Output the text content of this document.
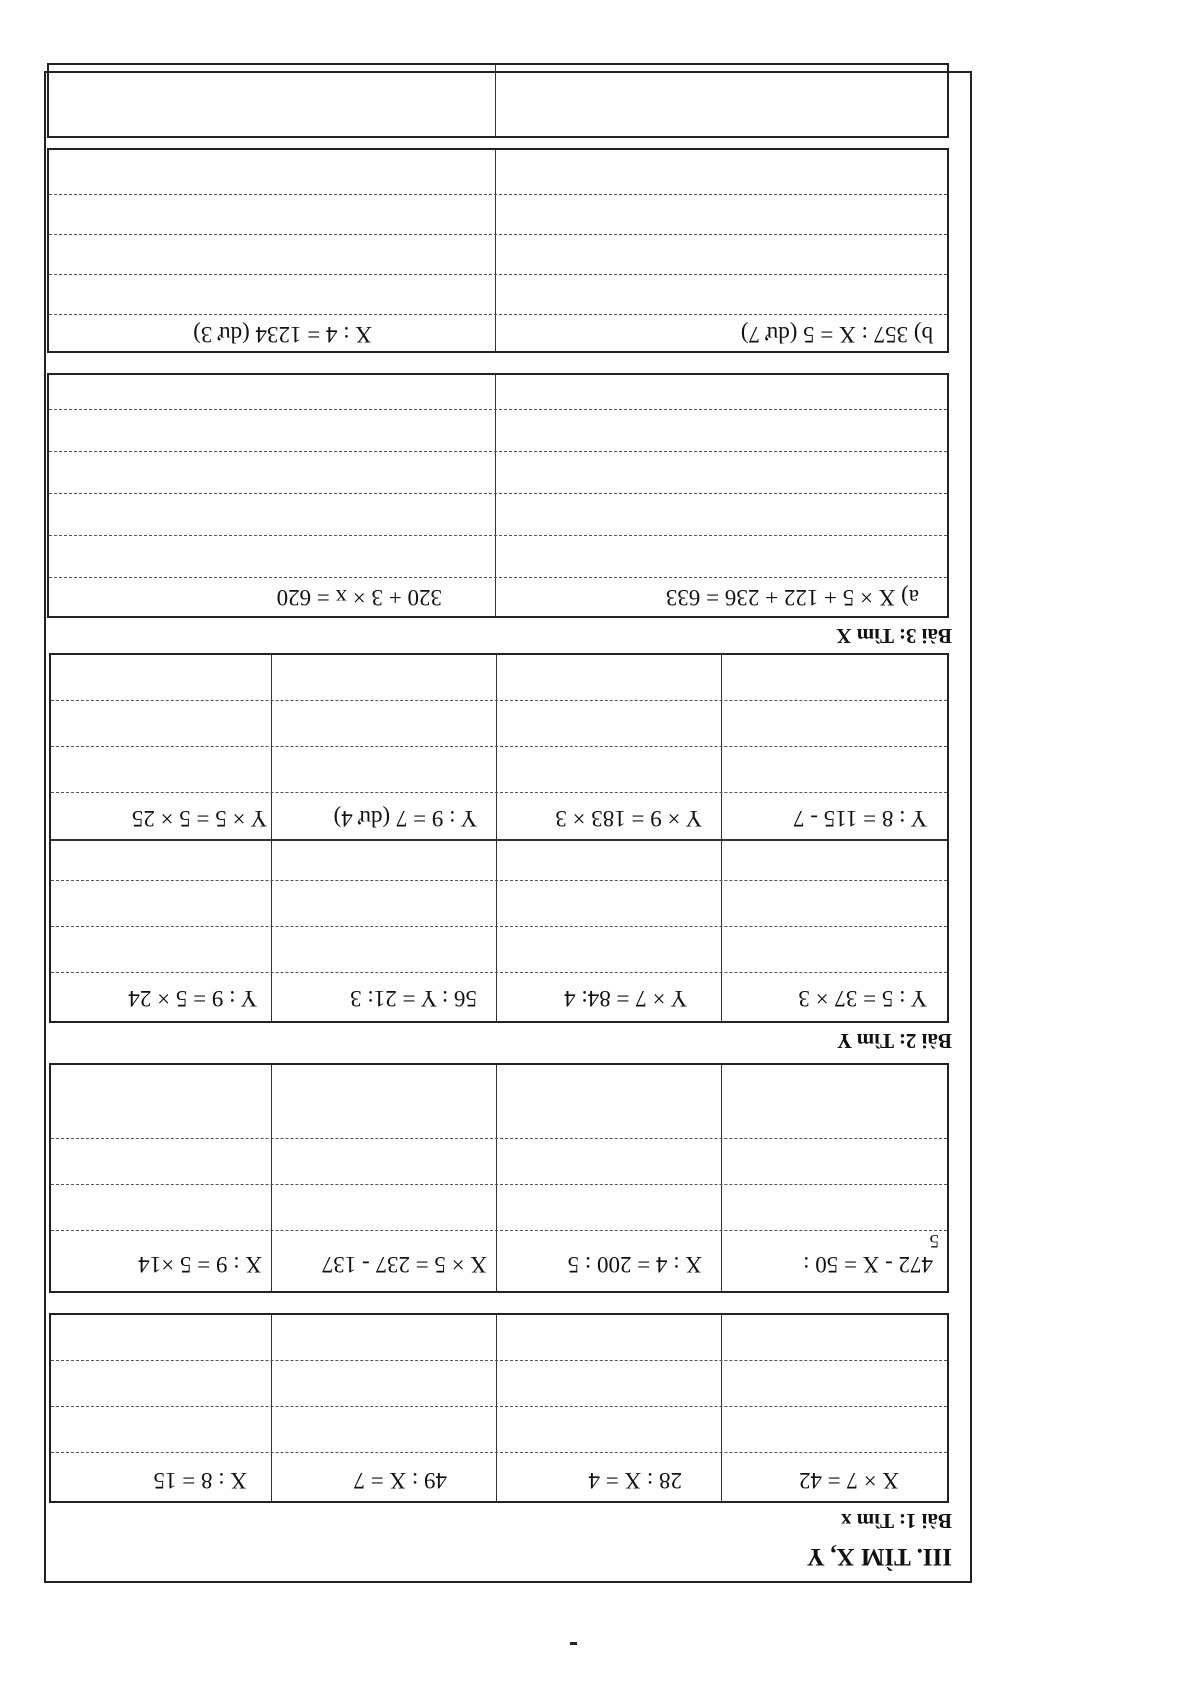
III. TÌM X, Y
Bài 1: Tìm x
X × 7 = 42
28 : X = 4
49 : X = 7
X : 8 = 15
472 - X = 50 :
5
X : 4 = 200 : 5
X × 5 = 237 - 137
X : 9 = 5 ×14
Bài 2: Tìm Y
Y : 5 = 37 × 3
Y × 7 = 84: 4
56 : Y = 21: 3
Y : 9 = 5 × 24
Y : 8 = 115 - 7
Y × 9 = 183 × 3
Y : 9 = 7 (dư 4)
Y × 5 = 5 × 25
Bài 3: Tìm X
a) X × 5 + 122 + 236 = 633
320 + 3 × x = 620
b) 357 : X = 5 (dư 7)
X : 4 = 1234 (dư 3)
